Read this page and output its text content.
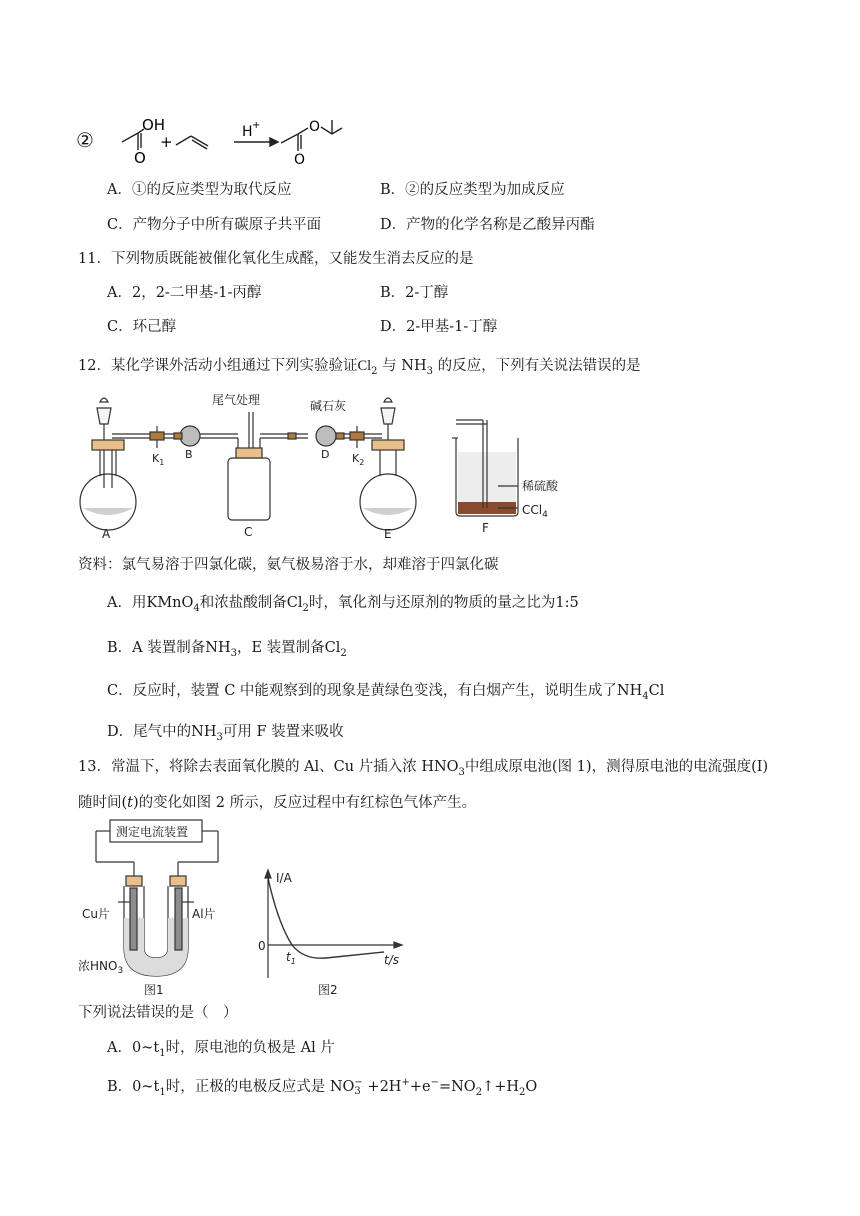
②
OH
O
+
H +	O
O
A．①的反应类型为取代反应	B．②的反应类型为加成反应
C．产物分子中所有碳原子共平面	D．产物的化学名称是乙酸异丙酯
11．下列物质既能被催化氧化生成醛，又能发生消去反应的是
A．2，2-二甲基-1-丙醇	B．2-丁醇
C．环己醇	D．2-甲基-1-丁醇
12．某化学课外活动小组通过下列实验验证$Cl_2$ 与 $NH_3$ 的反应，下列有关说法错误的是
尾气处理	碱石灰
A
B
C
D
E	F
$K_1$	$K_2$
稀硫酸
CCl$_4$
资料：氯气易溶于四氯化碳，氨气极易溶于水，却难溶于四氯化碳
A．用KMnO$_4$和浓盐酸制备$Cl_2$时，氧化剂与还原剂的物质的量之比为1:5
B．A 装置制备$NH_3$，E 装置制备$Cl_2$
C．反应时，装置 C 中能观察到的现象是黄绿色变浅，有白烟产生，说明生成了$NH_4Cl$
D．尾气中的$NH_3$可用 F 装置来吸收
13．常温下，将除去表面氧化膜的 Al、Cu 片插入浓 $HNO_3$中组成原电池(图 1)，测得原电池的电流强度(I)
随时间(t)的变化如图 2 所示，反应过程中有红棕色气体产生。
测定电流装置
Cu片	Al片
浓$HNO_3$
图1
I/A
0
$t_1$	t/s
图2
下列说法错误的是（　）
A．$0\sim t_1$时，原电池的负极是 Al 片
B．$0\sim t_1$时，正极的电极反应式是 NO −
$3 +2H^++e^-=NO_2↑+H_2O$
